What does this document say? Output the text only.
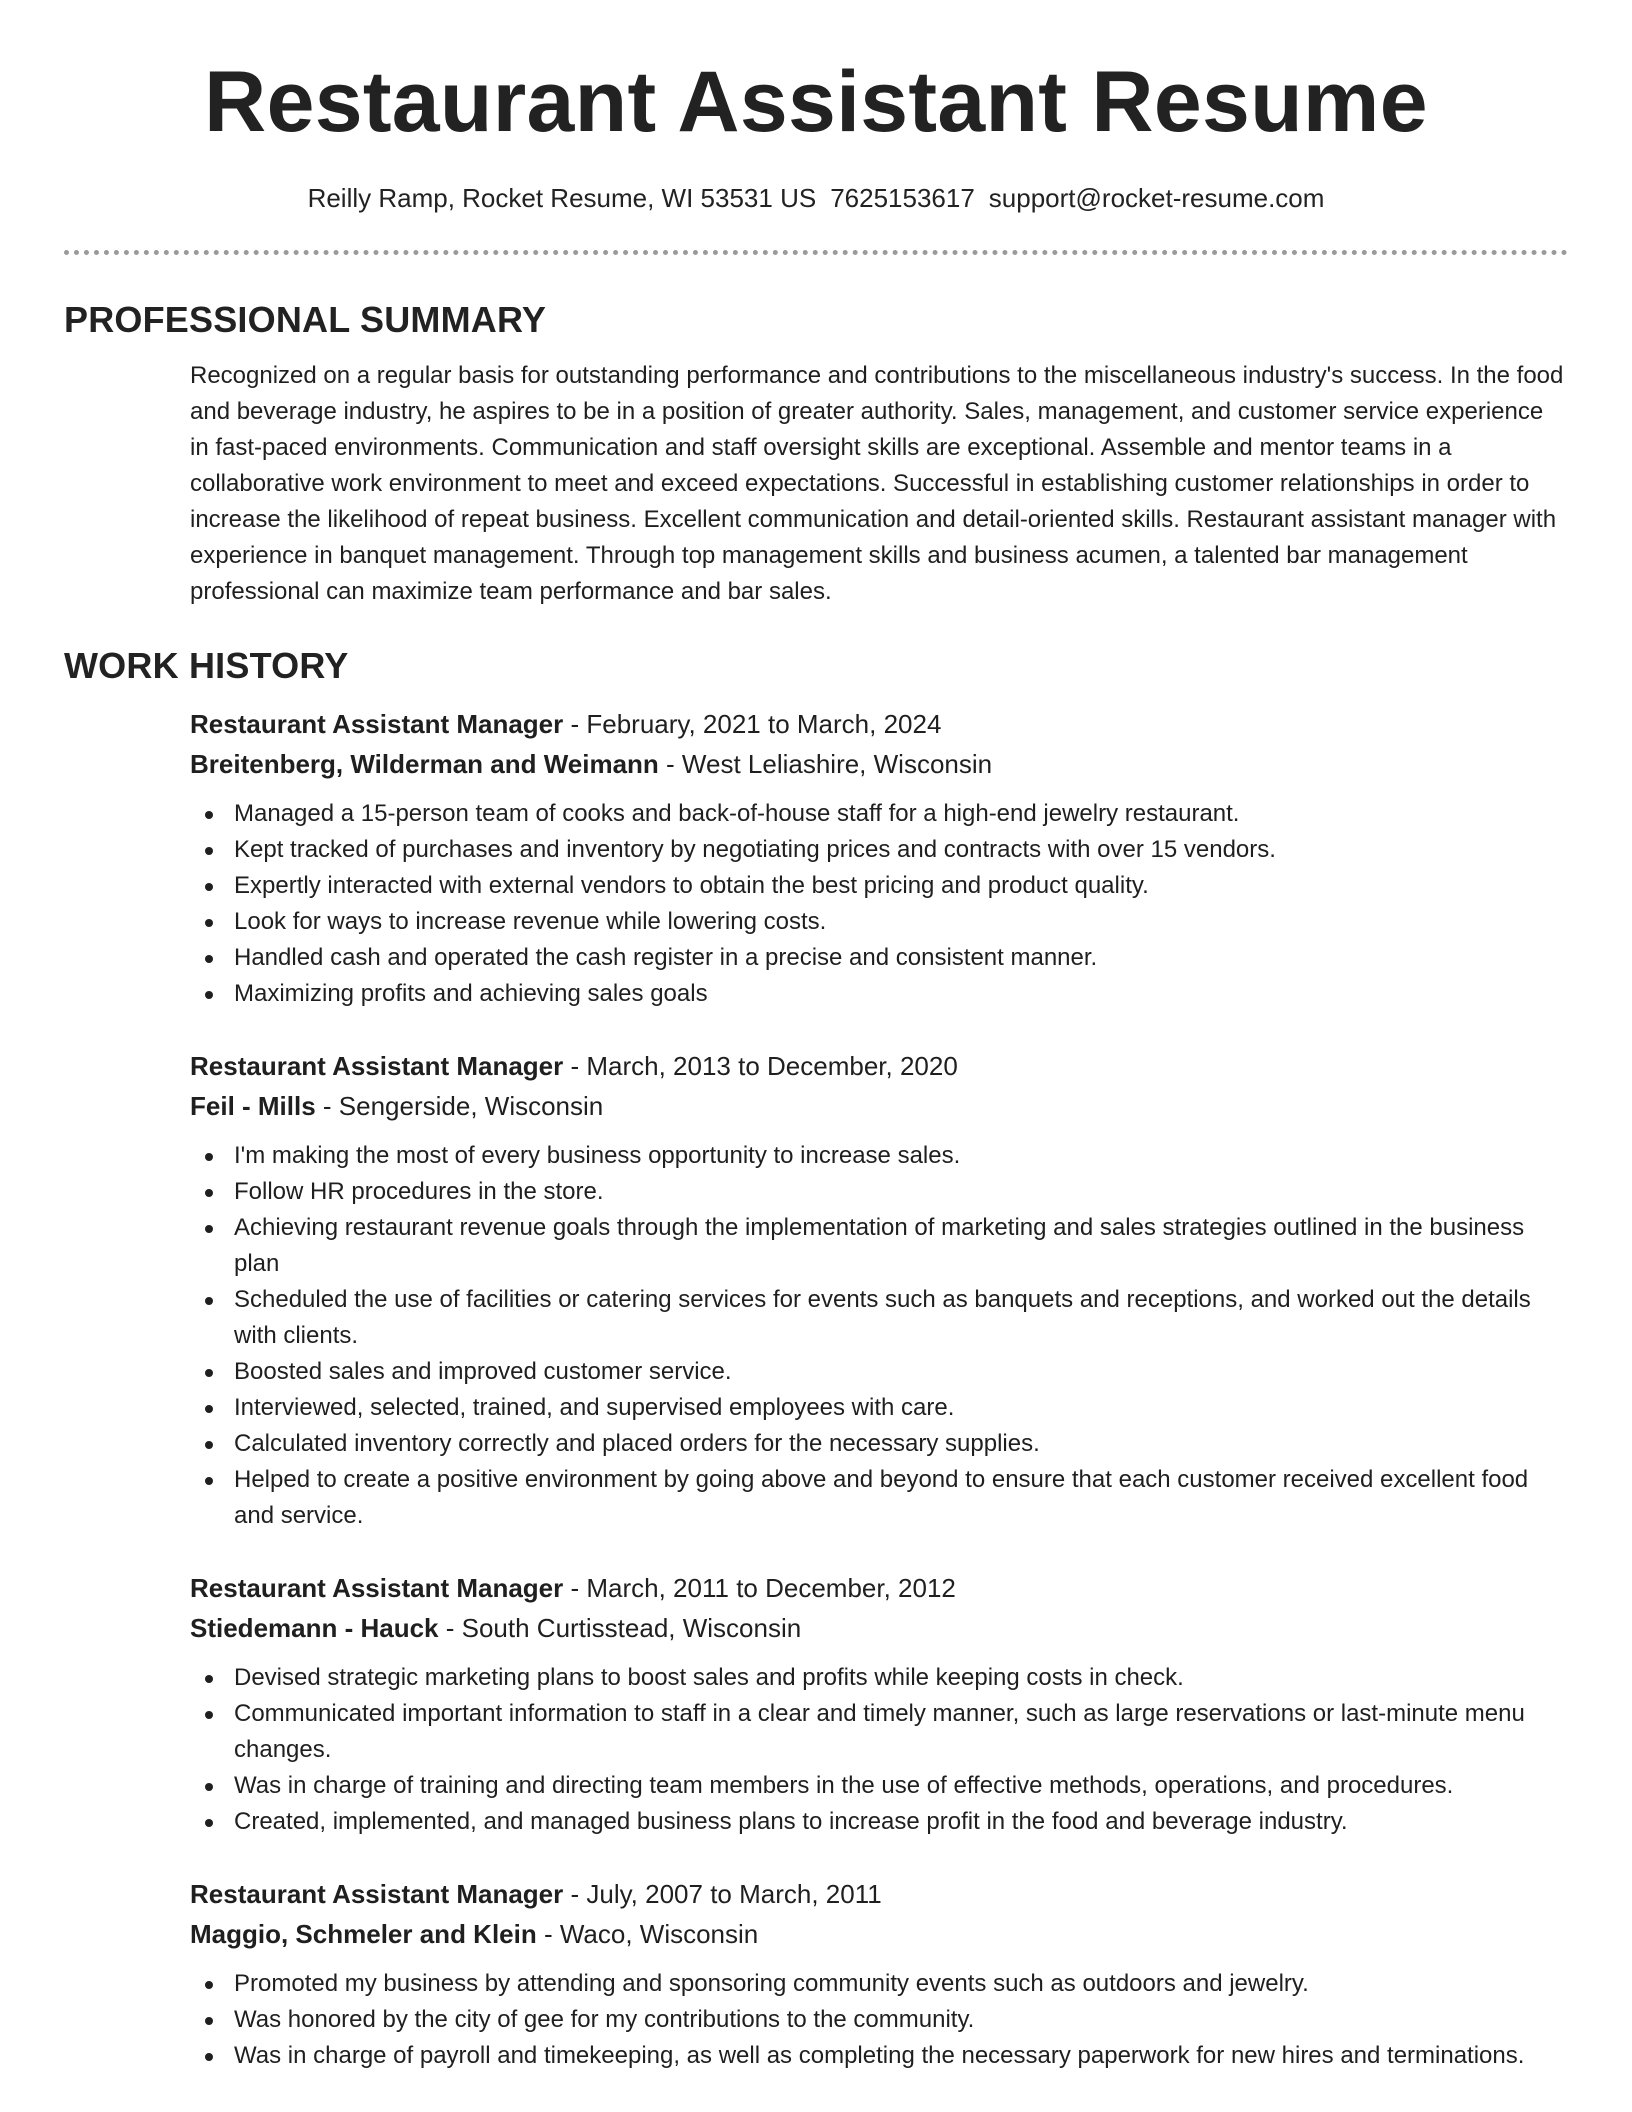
Restaurant Assistant Resume
Reilly Ramp, Rocket Resume, WI 53531 US 7625153617 support@rocket-resume.com
PROFESSIONAL SUMMARY

Recognized on a regular basis for outstanding performance and contributions to the miscellaneous industry's success. In the food and beverage industry, he aspires to be in a position of greater authority. Sales, management, and customer service experience in fast-paced environments. Communication and staff oversight skills are exceptional. Assemble and mentor teams in a collaborative work environment to meet and exceed expectations. Successful in establishing customer relationships in order to increase the likelihood of repeat business. Excellent communication and detail-oriented skills. Restaurant assistant manager with experience in banquet management. Through top management skills and business acumen, a talented bar management professional can maximize team performance and bar sales.

WORK HISTORY
Restaurant Assistant Manager - February, 2021 to March, 2024
Breitenberg, Wilderman and Weimann - West Leliashire, Wisconsin
Managed a 15-person team of cooks and back-of-house staff for a high-end jewelry restaurant.
Kept tracked of purchases and inventory by negotiating prices and contracts with over 15 vendors.
Expertly interacted with external vendors to obtain the best pricing and product quality.
Look for ways to increase revenue while lowering costs.
Handled cash and operated the cash register in a precise and consistent manner.
Maximizing profits and achieving sales goals
Restaurant Assistant Manager - March, 2013 to December, 2020
Feil - Mills - Sengerside, Wisconsin
I'm making the most of every business opportunity to increase sales.
Follow HR procedures in the store.
Achieving restaurant revenue goals through the implementation of marketing and sales strategies outlined in the business plan
Scheduled the use of facilities or catering services for events such as banquets and receptions, and worked out the details with clients.
Boosted sales and improved customer service.
Interviewed, selected, trained, and supervised employees with care.
Calculated inventory correctly and placed orders for the necessary supplies.
Helped to create a positive environment by going above and beyond to ensure that each customer received excellent food and service.
Restaurant Assistant Manager - March, 2011 to December, 2012
Stiedemann - Hauck - South Curtisstead, Wisconsin
Devised strategic marketing plans to boost sales and profits while keeping costs in check.
Communicated important information to staff in a clear and timely manner, such as large reservations or last-minute menu changes.
Was in charge of training and directing team members in the use of effective methods, operations, and procedures.
Created, implemented, and managed business plans to increase profit in the food and beverage industry.
Restaurant Assistant Manager - July, 2007 to March, 2011
Maggio, Schmeler and Klein - Waco, Wisconsin
Promoted my business by attending and sponsoring community events such as outdoors and jewelry.
Was honored by the city of gee for my contributions to the community.
Was in charge of payroll and timekeeping, as well as completing the necessary paperwork for new hires and terminations.
